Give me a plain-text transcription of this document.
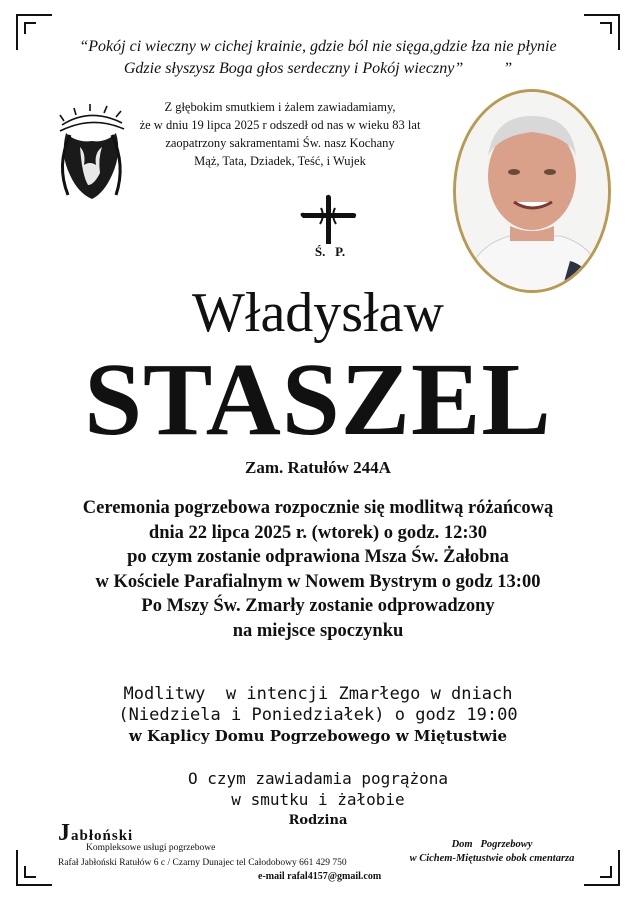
“Pokój ci wieczny w cichej krainie, gdzie ból nie sięga,gdzie łza nie płynie
Gdzie słyszysz Boga głos serdeczny i Pokój wieczny”          ”
Z głębokim smutkiem i żalem zawiadamiamy,
że w dniu 19 lipca 2025 r odszedł od nas w wieku 83 lat
zaopatrzony sakramentami Św. nasz Kochany
Mąż, Tata, Dziadek, Teść, i Wujek
Ś.   P.
Władysław
STASZEL
Zam. Ratułów 244A
Ceremonia pogrzebowa rozpocznie się modlitwą różańcową
dnia 22 lipca 2025 r. (wtorek) o godz. 12:30
po czym zostanie odprawiona Msza Św. Żałobna
w Kościele Parafialnym w Nowem Bystrym o godz 13:00
Po Mszy Św. Zmarły zostanie odprowadzony
na miejsce spoczynku
Modlitwy  w intencji Zmarłego w dniach
(Niedziela i Poniedziałek) o godz 19:00
w Kaplicy Domu Pogrzebowego w Miętustwie
O czym zawiadamia pogrążona
w smutku i żałobie
Rodzina
Jabłoński
Kompleksowe usługi pogrzebowe
Rafał Jabłoński Ratułów 6 c / Czarny Dunajec tel Całodobowy 661 429 750
e-mail rafal4157@gmail.com
Dom   Pogrzebowy
w Cichem-Miętustwie obok cmentarza
